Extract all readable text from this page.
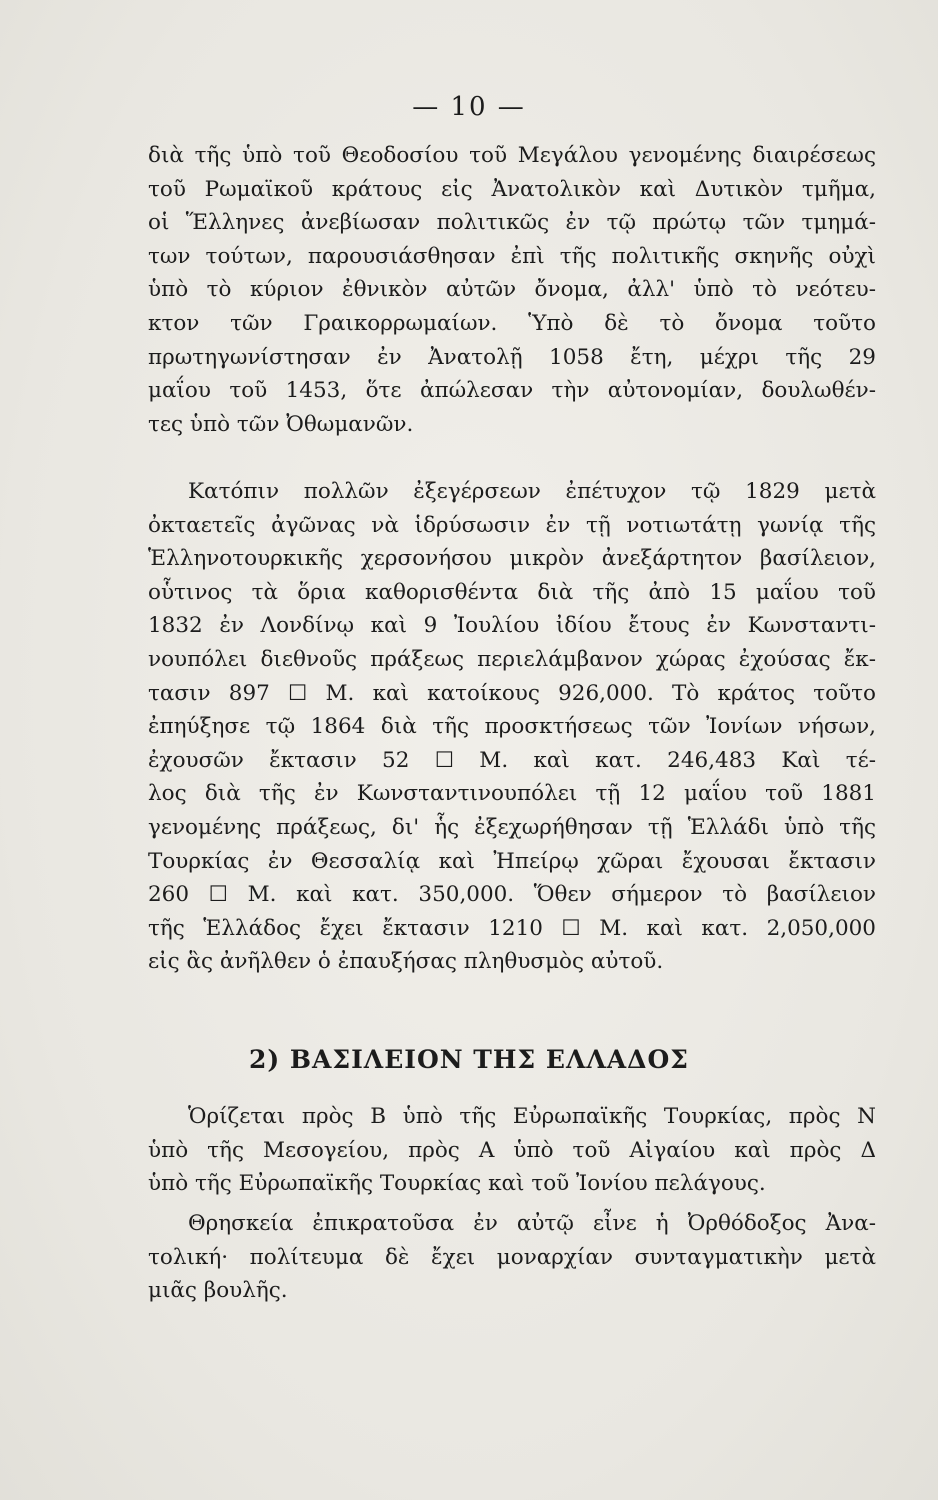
— 10 —
διὰ τῆς ὑπὸ τοῦ Θεοδοσίου τοῦ Μεγάλου γενομένης διαιρέσεως
τοῦ Ρωμαϊκοῦ κράτους εἰς Ἀνατολικὸν καὶ Δυτικὸν τμῆμα,
οἱ Ἕλληνες ἀνεβίωσαν πολιτικῶς ἐν τῷ πρώτῳ τῶν τμημά-
των τούτων, παρουσιάσθησαν ἐπὶ τῆς πολιτικῆς σκηνῆς οὐχὶ
ὑπὸ τὸ κύριον ἐθνικὸν αὐτῶν ὄνομα, ἀλλ' ὑπὸ τὸ νεότευ-
κτον τῶν Γραικορρωμαίων. Ὑπὸ δὲ τὸ ὄνομα τοῦτο
πρωτηγωνίστησαν ἐν Ἀνατολῇ 1058 ἔτη, μέχρι τῆς 29
μαΐου τοῦ 1453, ὅτε ἀπώλεσαν τὴν αὐτονομίαν, δουλωθέν-
τες ὑπὸ τῶν Ὀθωμανῶν.
Κατόπιν πολλῶν ἐξεγέρσεων ἐπέτυχον τῷ 1829 μετὰ
ὀκταετεῖς ἀγῶνας νὰ ἱδρύσωσιν ἐν τῇ νοτιωτάτῃ γωνίᾳ τῆς
Ἑλληνοτουρκικῆς χερσονήσου μικρὸν ἀνεξάρτητον βασίλειον,
οὗτινος τὰ ὅρια καθορισθέντα διὰ τῆς ἀπὸ 15 μαΐου τοῦ
1832 ἐν Λονδίνῳ καὶ 9 Ἰουλίου ἰδίου ἔτους ἐν Κωνσταντι-
νουπόλει διεθνοῦς πράξεως περιελάμβανον χώρας ἐχούσας ἔκ-
τασιν 897 ☐ Μ. καὶ κατοίκους 926,000. Τὸ κράτος τοῦτο
ἐπηύξησε τῷ 1864 διὰ τῆς προσκτήσεως τῶν Ἰονίων νήσων,
ἐχουσῶν ἔκτασιν 52 ☐ Μ. καὶ κατ. 246,483 Καὶ τέ-
λος διὰ τῆς ἐν Κωνσταντινουπόλει τῇ 12 μαΐου τοῦ 1881
γενομένης πράξεως, δι' ἧς ἐξεχωρήθησαν τῇ Ἑλλάδι ὑπὸ τῆς
Τουρκίας ἐν Θεσσαλίᾳ καὶ Ἠπείρῳ χῶραι ἔχουσαι ἔκτασιν
260 ☐ Μ. καὶ κατ. 350,000. Ὅθεν σήμερον τὸ βασίλειον
τῆς Ἑλλάδος ἔχει ἔκτασιν 1210 ☐ Μ. καὶ κατ. 2,050,000
εἰς ἃς ἀνῆλθεν ὁ ἐπαυξήσας πληθυσμὸς αὐτοῦ.
2) ΒΑΣΙΛΕΙΟΝ ΤΗΣ ΕΛΛΑΔΟΣ
Ὁρίζεται πρὸς Β ὑπὸ τῆς Εὐρωπαϊκῆς Τουρκίας, πρὸς Ν
ὑπὸ τῆς Μεσογείου, πρὸς Α ὑπὸ τοῦ Αἰγαίου καὶ πρὸς Δ
ὑπὸ τῆς Εὐρωπαϊκῆς Τουρκίας καὶ τοῦ Ἰονίου πελάγους.
Θρησκεία ἐπικρατοῦσα ἐν αὐτῷ εἶνε ἡ Ὀρθόδοξος Ἀνα-
τολική· πολίτευμα δὲ ἔχει μοναρχίαν συνταγματικὴν μετὰ
μιᾶς βουλῆς.
